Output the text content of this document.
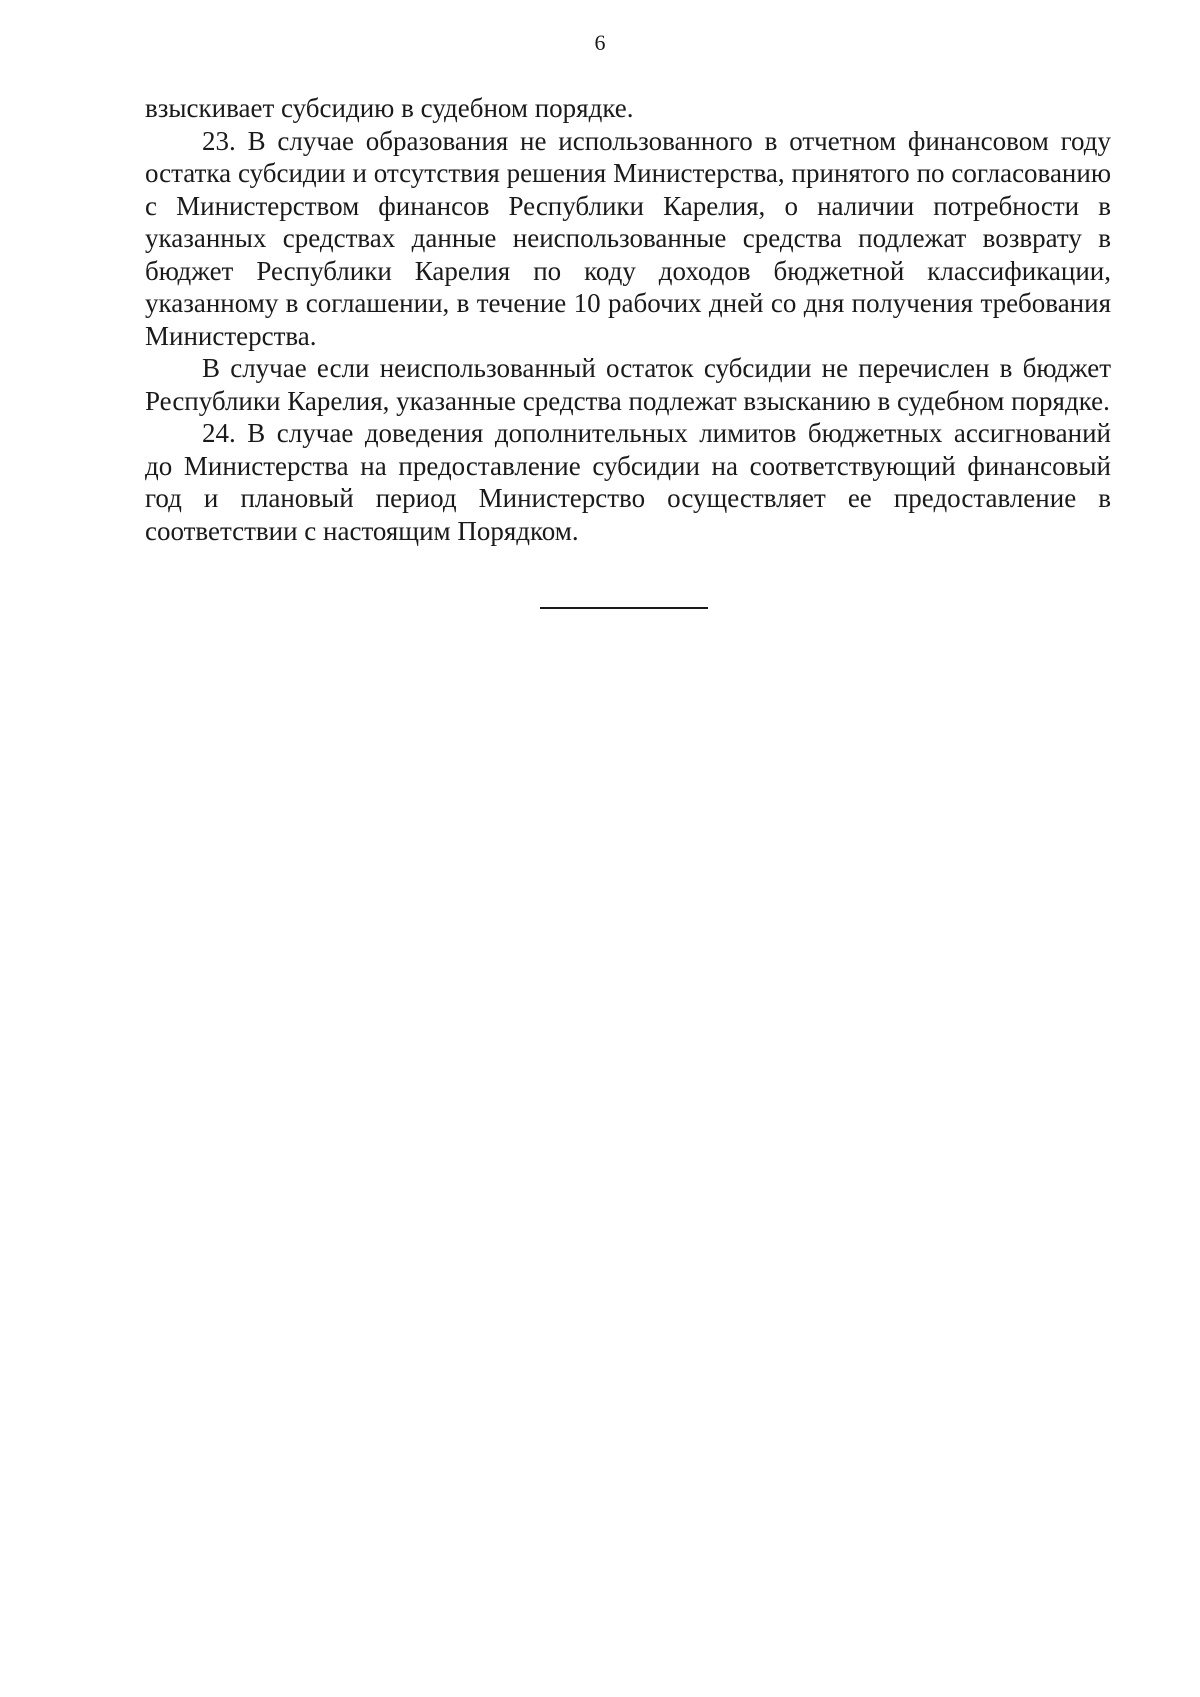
6

взыскивает субсидию в судебном порядке.

23. В случае образования не использованного в отчетном финансовом году остатка субсидии и отсутствия решения Министерства, принятого по согласованию с Министерством финансов Республики Карелия, о наличии потребности в указанных средствах данные неиспользованные средства подлежат возврату в бюджет Республики Карелия по коду доходов бюджетной классификации, указанному в соглашении, в течение 10 рабочих дней со дня получения требования Министерства.

В случае если неиспользованный остаток субсидии не перечислен в бюджет Республики Карелия, указанные средства подлежат взысканию в судебном порядке.

24. В случае доведения дополнительных лимитов бюджетных ассигнований до Министерства на предоставление субсидии на соответствующий финансовый год и плановый период Министерство осуществляет ее предоставление в соответствии с настоящим Порядком.
